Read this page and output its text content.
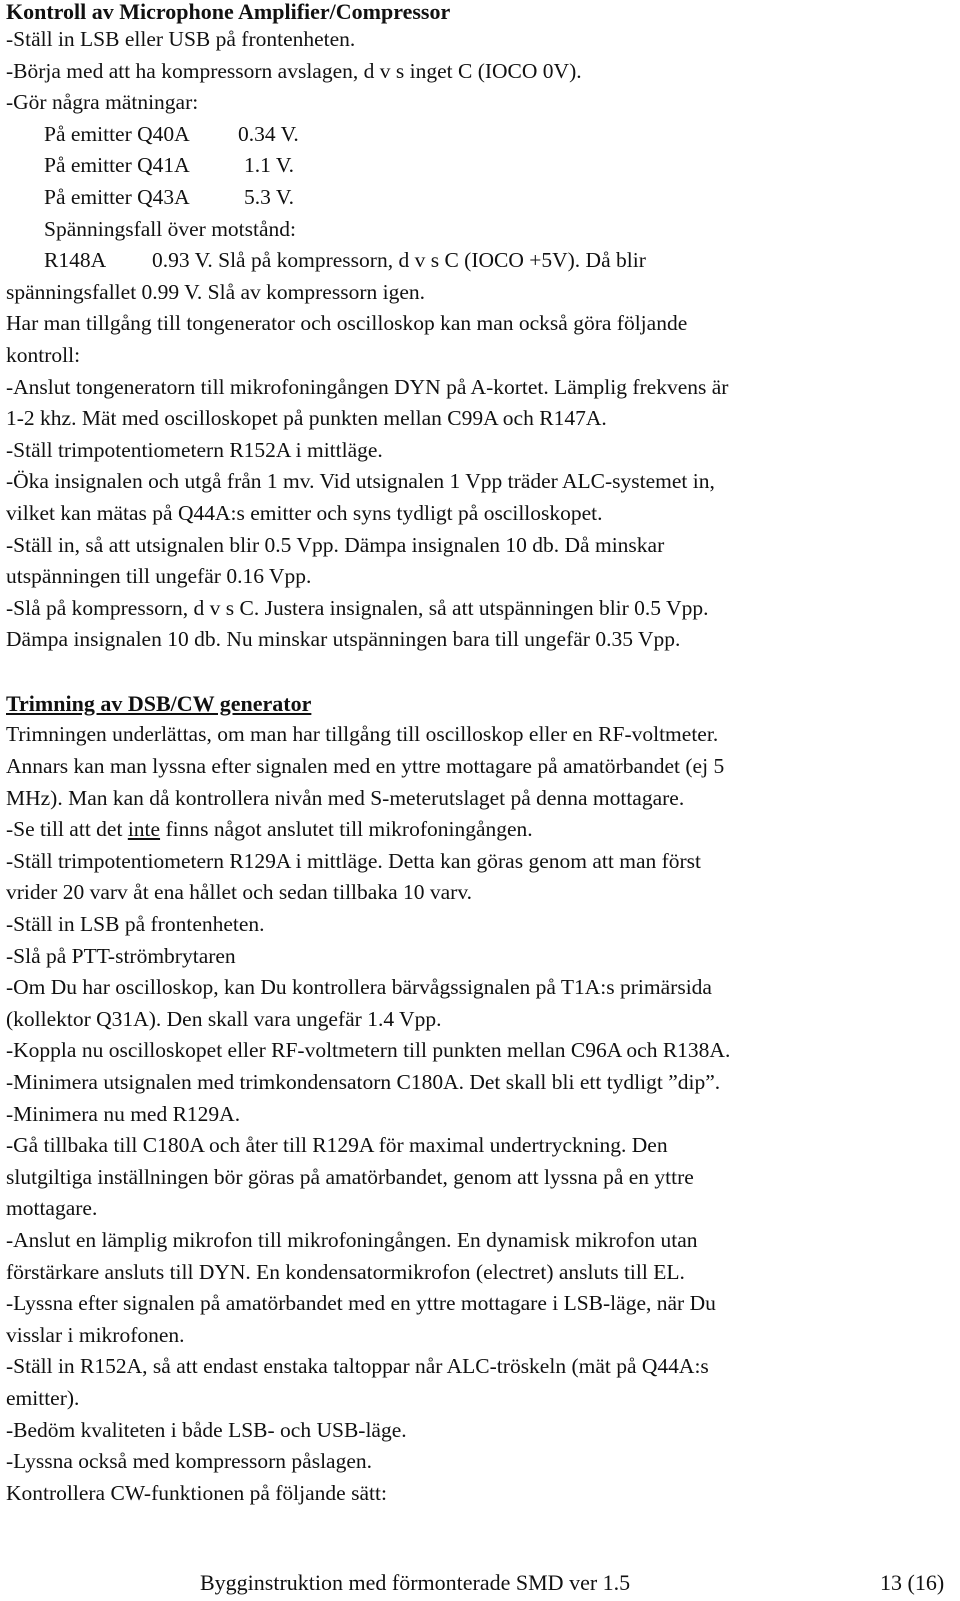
Kontroll av Microphone Amplifier/Compressor

-Ställ in LSB eller USB på frontenheten.

-Börja med att ha kompressorn avslagen, d v s inget C (IOCO 0V).

-Gör några mätningar:

På emitter Q40A 0.34 V.

På emitter Q41A	1.1 V.

På emitter Q43A	5.3 V.

Spänningsfall över motstånd:

R148A 0.93 V. Slå på kompressorn, d v s C (IOCO +5V). Då blir

spänningsfallet 0.99 V. Slå av kompressorn igen.

Har man tillgång till tongenerator och oscilloskop kan man också göra följande

kontroll:

-Anslut tongeneratorn till mikrofoningången DYN på A-kortet. Lämplig frekvens är

1-2 khz. Mät med oscilloskopet på punkten mellan C99A och R147A.

-Ställ trimpotentiometern R152A i mittläge.

-Öka insignalen och utgå från 1 mv. Vid utsignalen 1 Vpp träder ALC-systemet in,

vilket kan mätas på Q44A:s emitter och syns tydligt på oscilloskopet.

-Ställ in, så att utsignalen blir 0.5 Vpp. Dämpa insignalen 10 db. Då minskar

utspänningen till ungefär 0.16 Vpp.

-Slå på kompressorn, d v s C. Justera insignalen, så att utspänningen blir 0.5 Vpp.

Dämpa insignalen 10 db. Nu minskar utspänningen bara till ungefär 0.35 Vpp.

Trimning av DSB/CW generator

Trimningen underlättas, om man har tillgång till oscilloskop eller en RF-voltmeter.

Annars kan man lyssna efter signalen med en yttre mottagare på amatörbandet (ej 5

MHz). Man kan då kontrollera nivån med S-meterutslaget på denna mottagare.

-Se till att det inte finns något anslutet till mikrofoningången.

-Ställ trimpotentiometern R129A i mittläge. Detta kan göras genom att man först

vrider 20 varv åt ena hållet och sedan tillbaka 10 varv.

-Ställ in LSB på frontenheten.

-Slå på PTT-strömbrytaren

-Om Du har oscilloskop, kan Du kontrollera bärvågssignalen på T1A:s primärsida

(kollektor Q31A). Den skall vara ungefär 1.4 Vpp.

-Koppla nu oscilloskopet eller RF-voltmetern till punkten mellan C96A och R138A.

-Minimera utsignalen med trimkondensatorn C180A. Det skall bli ett tydligt ”dip”.

-Minimera nu med R129A.

-Gå tillbaka till C180A och åter till R129A för maximal undertryckning. Den

slutgiltiga inställningen bör göras på amatörbandet, genom att lyssna på en yttre

mottagare.

-Anslut en lämplig mikrofon till mikrofoningången. En dynamisk mikrofon utan

förstärkare ansluts till DYN. En kondensatormikrofon (electret) ansluts till EL.

-Lyssna efter signalen på amatörbandet med en yttre mottagare i LSB-läge, när Du

visslar i mikrofonen.

-Ställ in R152A, så att endast enstaka taltoppar når ALC-tröskeln (mät på Q44A:s

emitter).

-Bedöm kvaliteten i både LSB- och USB-läge.

-Lyssna också med kompressorn påslagen.

Kontrollera CW-funktionen på följande sätt:

Bygginstruktion med förmonterade SMD ver 1.5	13 (16)
